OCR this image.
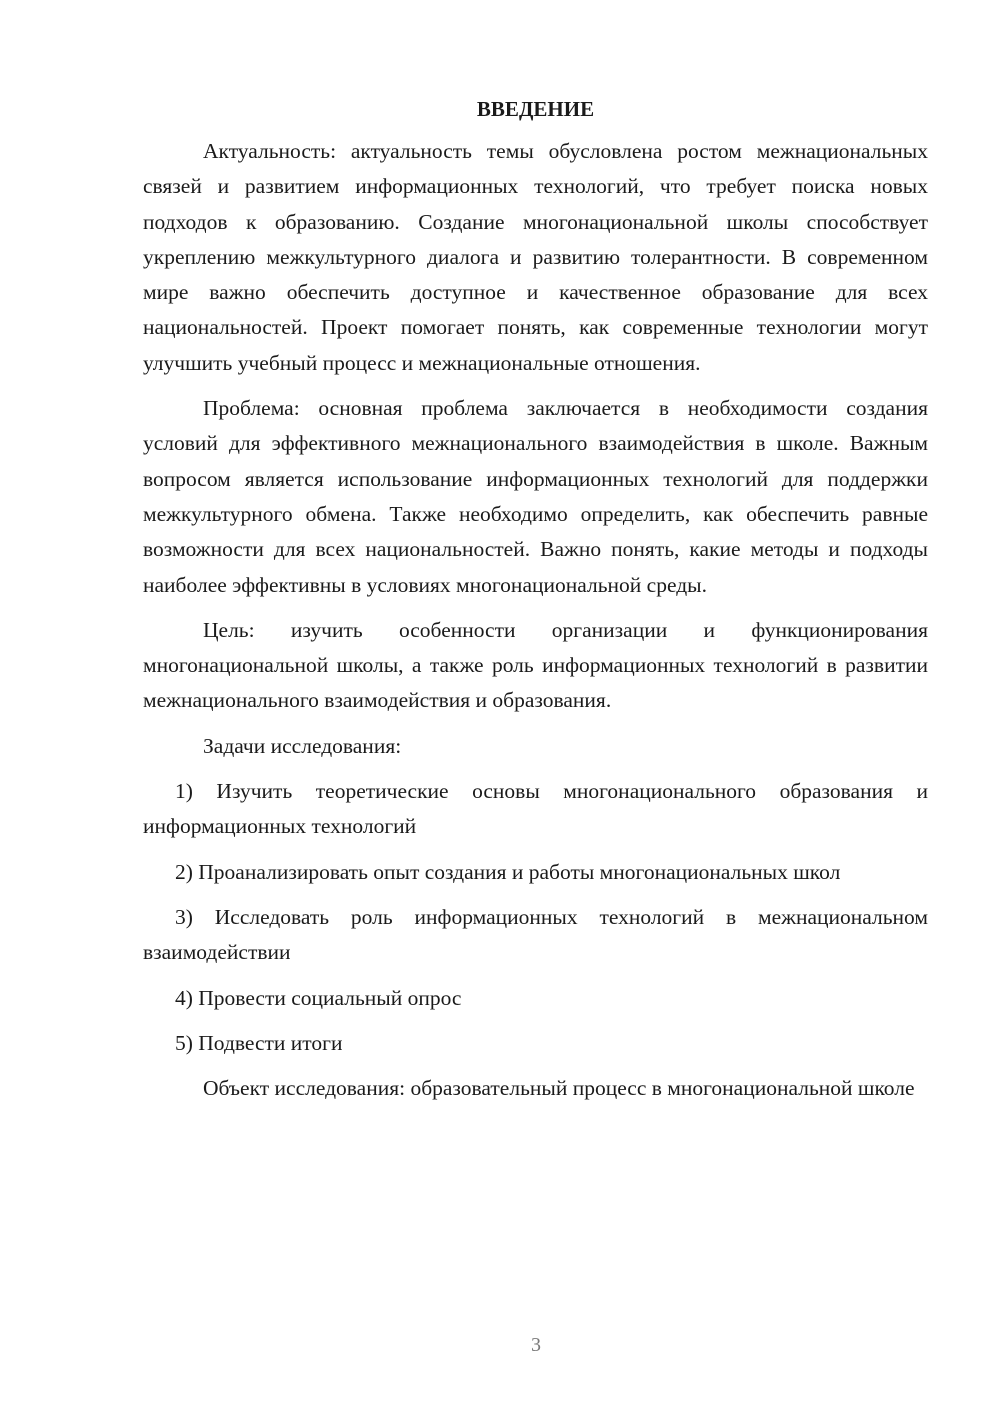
ВВЕДЕНИЕ

Актуальность: актуальность темы обусловлена ростом межнациональных связей и развитием информационных технологий, что требует поиска новых подходов к образованию. Создание многонациональной школы способствует укреплению межкультурного диалога и развитию толерантности. В современном мире важно обеспечить доступное и качественное образование для всех национальностей. Проект помогает понять, как современные технологии могут улучшить учебный процесс и межнациональные отношения.

Проблема: основная проблема заключается в необходимости создания условий для эффективного межнационального взаимодействия в школе. Важным вопросом является использование информационных технологий для поддержки межкультурного обмена. Также необходимо определить, как обеспечить равные возможности для всех национальностей. Важно понять, какие методы и подходы наиболее эффективны в условиях многонациональной среды.

Цель: изучить особенности организации и функционирования многонациональной школы, а также роль информационных технологий в развитии межнационального взаимодействия и образования.

Задачи исследования:

1) Изучить теоретические основы многонационального образования и информационных технологий

2) Проанализировать опыт создания и работы многонациональных школ

3) Исследовать роль информационных технологий в межнациональном взаимодействии

4) Провести социальный опрос

5) Подвести итоги

Объект исследования: образовательный процесс в многонациональной школе

3
